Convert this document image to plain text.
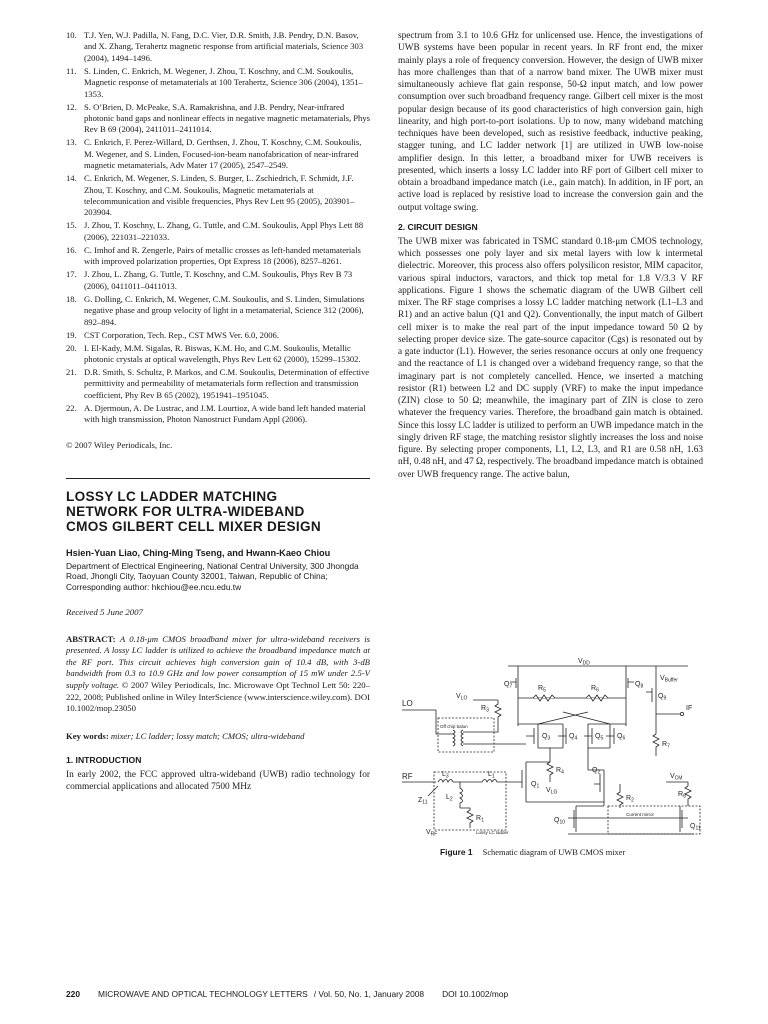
10. T.J. Yen, W.J. Padilla, N. Fang, D.C. Vier, D.R. Smith, J.B. Pendry, D.N. Basov, and X. Zhang, Terahertz magnetic response from artificial materials, Science 303 (2004), 1494–1496.
11. S. Linden, C. Enkrich, M. Wegener, J. Zhou, T. Koschny, and C.M. Soukoulis, Magnetic response of metamaterials at 100 Terahertz, Science 306 (2004), 1351–1353.
12. S. O’Brien, D. McPeake, S.A. Ramakrishna, and J.B. Pendry, Near-infrared photonic band gaps and nonlinear effects in negative magnetic metamaterials, Phys Rev B 69 (2004), 2411011–2411014.
13. C. Enkrich, F. Perez-Willard, D. Gerthsen, J. Zhou, T. Koschny, C.M. Soukoulis, M. Wegener, and S. Linden, Focused-ion-beam nanofabrication of near-infrared magnetic metamaterials, Adv Mater 17 (2005), 2547–2549.
14. C. Enkrich, M. Wegener, S. Linden, S. Burger, L. Zschiedrich, F. Schmidt, J.F. Zhou, T. Koschny, and C.M. Soukoulis, Magnetic metamaterials at telecommunication and visible frequencies, Phys Rev Lett 95 (2005), 203901–203904.
15. J. Zhou, T. Koschny, L. Zhang, G. Tuttle, and C.M. Soukoulis, Appl Phys Lett 88 (2006), 221031–221033.
16. C. Imhof and R. Zengerle, Pairs of metallic crosses as left-handed metamaterials with improved polarization properties, Opt Express 18 (2006), 8257–8261.
17. J. Zhou, L. Zhang, G. Tuttle, T. Koschny, and C.M. Soukoulis, Phys Rev B 73 (2006), 0411011–0411013.
18. G. Dolling, C. Enkrich, M. Wegener, C.M. Soukoulis, and S. Linden, Simulations negative phase and group velocity of light in a metamaterial, Science 312 (2006), 892–894.
19. CST Corporation, Tech. Rep., CST MWS Ver. 6.0, 2006.
20. I. El-Kady, M.M. Sigalas, R. Biswas, K.M. Ho, and C.M. Soukoulis, Metallic photonic crystals at optical wavelength, Phys Rev Lett 62 (2000), 15299–15302.
21. D.R. Smith, S. Schultz, P. Markos, and C.M. Soukoulis, Determination of effective permittivity and permeability of metamaterials form reflection and transmission coefficient, Phy Rev B 65 (2002), 1951941–1951045.
22. A. Djermoun, A. De Lustrac, and J.M. Lourtioz, A wide band left handed material with high transmission, Photon Nanostruct Fundam Appl (2006).

© 2007 Wiley Periodicals, Inc.

LOSSY LC LADDER MATCHING
NETWORK FOR ULTRA-WIDEBAND
CMOS GILBERT CELL MIXER DESIGN
Hsien-Yuan Liao, Ching-Ming Tseng, and Hwann-Kaeo Chiou
Department of Electrical Engineering, National Central University, 300 Jhongda Road, Jhongli City, Taoyuan County 32001, Taiwan, Republic of China; Corresponding author: hkchiou@ee.ncu.edu.tw
Received 5 June 2007

ABSTRACT: A 0.18-μm CMOS broadband mixer for ultra-wideband receivers is presented. A lossy LC ladder is utilized to achieve the broadband impedance match at the RF port. This circuit achieves high conversion gain of 10.4 dB, with 3-dB bandwidth from 0.3 to 10.9 GHz and low power consumption of 15 mW under 2.5-V supply voltage. © 2007 Wiley Periodicals, Inc. Microwave Opt Technol Lett 50: 220–222, 2008; Published online in Wiley InterScience (www.interscience.wiley.com). DOI 10.1002/mop.23050

Key words: mixer; LC ladder; lossy match; CMOS; ultra-wideband

1. INTRODUCTION

In early 2002, the FCC approved ultra-wideband (UWB) radio technology for commercial applications and allocated 7500 MHz

spectrum from 3.1 to 10.6 GHz for unlicensed use. Hence, the investigations of UWB systems have been popular in recent years. In RF front end, the mixer mainly plays a role of frequency conversion. However, the design of UWB mixer has more challenges than that of a narrow band mixer. The UWB mixer must simultaneously achieve flat gain response, 50-Ω input match, and low power consumption over such broadband frequency range. Gilbert cell mixer is the most popular design because of its good characteristics of high conversion gain, high linearity, and high port-to-port isolations. Up to now, many wideband matching techniques have been developed, such as resistive feedback, inductive peaking, stagger tuning, and LC ladder network [1] are utilized in UWB low-noise amplifier design. In this letter, a broadband mixer for UWB receivers is presented, which inserts a lossy LC ladder into RF port of Gilbert cell mixer to obtain a broadband impedance match (i.e., gain match). In addition, in IF port, an active load is replaced by resistive load to increase the conversion gain and the output voltage swing.

2. CIRCUIT DESIGN

The UWB mixer was fabricated in TSMC standard 0.18-μm CMOS technology, which possesses one poly layer and six metal layers with low k intermetal dielectric. Moreover, this process also offers polysilicon resistor, MIM capacitor, various spiral inductors, varactors, and thick top metal for 1.8 V/3.3 V RF applications. Figure 1 shows the schematic diagram of the UWB Gilbert cell mixer. The RF stage comprises a lossy LC ladder matching network (L1–L3 and R1) and an active balun (Q1 and Q2). Conventionally, the input match of Gilbert cell mixer is to make the real part of the input impedance toward 50 Ω by selecting proper device size. The gate-source capacitor (Cgs) is resonated out by a gate inductor (L1). However, the series resonance occurs at only one frequency and the reactance of L1 is changed over a wideband frequency range, so that the imaginary part is not completely cancelled. Hence, we inserted a matching resistor (R1) between L2 and DC supply (VRF) to make the input impedance (ZIN) close to 50 Ω; meanwhile, the imaginary part of ZIN is close to zero whatever the frequency varies. Therefore, the broadband gain match is obtained. Since this lossy LC ladder is utilized to perform an UWB impedance match in the singly driven RF stage, the matching resistor slightly increases the loss and noise figure. By selecting proper components, L1, L2, L3, and R1 are 0.58 nH, 1.63 nH, 0.48 nH, and 47 Ω, respectively. The broadband impedance match is obtained over UWB frequency range. The active balun,

$V_{DD}$
$Q_7$	$Q_8$
$R_5$	$R_6$
$V_{LO}$
$R_3$
$Q_3$	$Q_4$	$Q_5$ $Q_6$
$Q_9$
$V_{Buffer}$
IF
$R_7$
LO
Off chip balun
RF	$L_3$	$L_1$
$L_2$
$R_1$
Lossy LC ladder
$V_{RF}$
$Z_{11}$
$Q_1$
$R_4$
$V_{LG}$
$Q_2$
$R_2$
$V_{CM}$
$R_8$
Current mirror
$Q_{10}$
$Q_{11}$
Figure 1 Schematic diagram of UWB CMOS mixer
220 MICROWAVE AND OPTICAL TECHNOLOGY LETTERS / Vol. 50, No. 1, January 2008 DOI 10.1002/mop
